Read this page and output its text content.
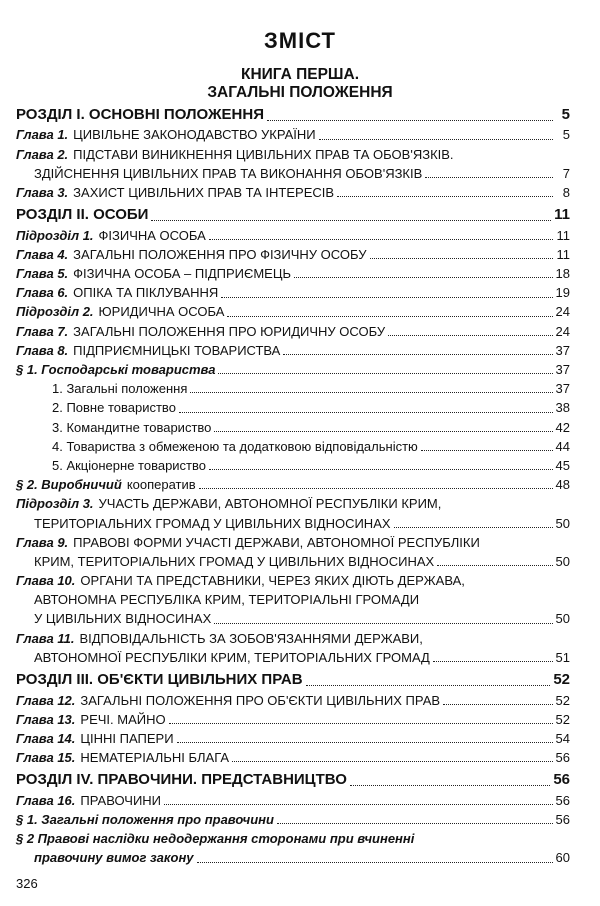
ЗМІСТ
КНИГА ПЕРША.
ЗАГАЛЬНІ ПОЛОЖЕННЯ
РОЗДІЛ І. ОСНОВНІ ПОЛОЖЕННЯ	5
Глава 1. ЦИВІЛЬНЕ ЗАКОНОДАВСТВО УКРАЇНИ	5
Глава 2. ПІДСТАВИ ВИНИКНЕННЯ ЦИВІЛЬНИХ ПРАВ ТА ОБОВ'ЯЗКІВ.
ЗДІЙСНЕННЯ ЦИВІЛЬНИХ ПРАВ ТА ВИКОНАННЯ ОБОВ'ЯЗКІВ	7
Глава 3. ЗАХИСТ ЦИВІЛЬНИХ ПРАВ ТА ІНТЕРЕСІВ	8
РОЗДІЛ ІІ. ОСОБИ	11
Підрозділ 1. ФІЗИЧНА ОСОБА	11
Глава 4. ЗАГАЛЬНІ ПОЛОЖЕННЯ ПРО ФІЗИЧНУ ОСОБУ	11
Глава 5. ФІЗИЧНА ОСОБА – ПІДПРИЄМЕЦЬ	18
Глава 6. ОПІКА ТА ПІКЛУВАННЯ	19
Підрозділ 2. ЮРИДИЧНА ОСОБА	24
Глава 7. ЗАГАЛЬНІ ПОЛОЖЕННЯ ПРО ЮРИДИЧНУ ОСОБУ	24
Глава 8. ПІДПРИЄМНИЦЬКІ ТОВАРИСТВА	37
§ 1. Господарські товариства	37
1. Загальні положення	37
2. Повне товариство	38
3. Командитне товариство	42
4. Товариства з обмеженою та додатковою відповідальністю	44
5. Акціонерне товариство	45
§ 2. Виробничий кооператив	48
Підрозділ 3. УЧАСТЬ ДЕРЖАВИ, АВТОНОМНОЇ РЕСПУБЛІКИ КРИМ,
ТЕРИТОРІАЛЬНИХ ГРОМАД У ЦИВІЛЬНИХ ВІДНОСИНАХ	50
Глава 9. ПРАВОВІ ФОРМИ УЧАСТІ ДЕРЖАВИ, АВТОНОМНОЇ РЕСПУБЛІКИ
КРИМ, ТЕРИТОРІАЛЬНИХ ГРОМАД У ЦИВІЛЬНИХ ВІДНОСИНАХ	50
Глава 10. ОРГАНИ ТА ПРЕДСТАВНИКИ, ЧЕРЕЗ ЯКИХ ДІЮТЬ ДЕРЖАВА,
АВТОНОМНА РЕСПУБЛІКА КРИМ, ТЕРИТОРІАЛЬНІ ГРОМАДИ
У ЦИВІЛЬНИХ ВІДНОСИНАХ	50
Глава 11. ВІДПОВІДАЛЬНІСТЬ ЗА ЗОБОВ'ЯЗАННЯМИ ДЕРЖАВИ,
АВТОНОМНОЇ РЕСПУБЛІКИ КРИМ, ТЕРИТОРІАЛЬНИХ ГРОМАД	51
РОЗДІЛ ІІІ. ОБ'ЄКТИ ЦИВІЛЬНИХ ПРАВ	52
Глава 12. ЗАГАЛЬНІ ПОЛОЖЕННЯ ПРО ОБ'ЄКТИ ЦИВІЛЬНИХ ПРАВ	52
Глава 13. РЕЧІ. МАЙНО	52
Глава 14. ЦІННІ ПАПЕРИ	54
Глава 15. НЕМАТЕРІАЛЬНІ БЛАГА	56
РОЗДІЛ IV. ПРАВОЧИНИ. ПРЕДСТАВНИЦТВО	56
Глава 16. ПРАВОЧИНИ	56
§ 1. Загальні положення про правочини	56
§ 2 Правові наслідки недодержання сторонами при вчиненні
правочину вимог закону	60
326
